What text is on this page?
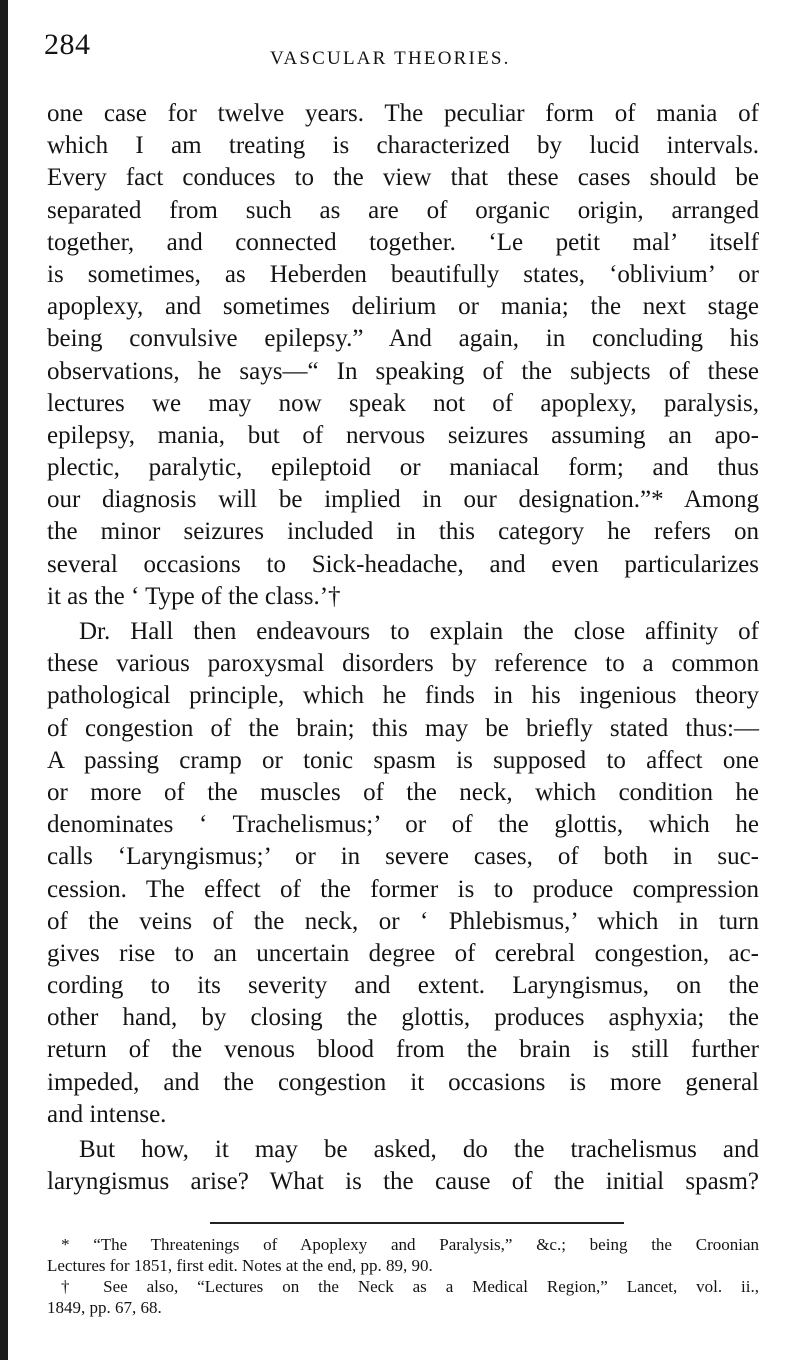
284	VASCULAR THEORIES.
one case for twelve years. The peculiar form of mania of
which I am treating is characterized by lucid intervals.
Every fact conduces to the view that these cases should be
separated from such as are of organic origin, arranged
together, and connected together. ‘Le petit mal’ itself
is sometimes, as Heberden beautifully states, ‘oblivium’ or
apoplexy, and sometimes delirium or mania; the next stage
being convulsive epilepsy.” And again, in concluding his
observations, he says—“ In speaking of the subjects of these
lectures we may now speak not of apoplexy, paralysis,
epilepsy, mania, but of nervous seizures assuming an apo-
plectic, paralytic, epileptoid or maniacal form; and thus
our diagnosis will be implied in our designation.”* Among
the minor seizures included in this category he refers on
several occasions to Sick-headache, and even particularizes
it as the ‘ Type of the class.’†
Dr. Hall then endeavours to explain the close affinity of
these various paroxysmal disorders by reference to a common
pathological principle, which he finds in his ingenious theory
of congestion of the brain; this may be briefly stated thus:—
A passing cramp or tonic spasm is supposed to affect one
or more of the muscles of the neck, which condition he
denominates ‘ Trachelismus;’ or of the glottis, which he
calls ‘Laryngismus;’ or in severe cases, of both in suc-
cession. The effect of the former is to produce compression
of the veins of the neck, or ‘ Phlebismus,’ which in turn
gives rise to an uncertain degree of cerebral congestion, ac-
cording to its severity and extent. Laryngismus, on the
other hand, by closing the glottis, produces asphyxia; the
return of the venous blood from the brain is still further
impeded, and the congestion it occasions is more general
and intense.
But how, it may be asked, do the trachelismus and
laryngismus arise? What is the cause of the initial spasm?
* “The Threatenings of Apoplexy and Paralysis,” &c.; being the Croonian
Lectures for 1851, first edit. Notes at the end, pp. 89, 90.
† See also, “Lectures on the Neck as a Medical Region,” Lancet, vol. ii.,
1849, pp. 67, 68.
